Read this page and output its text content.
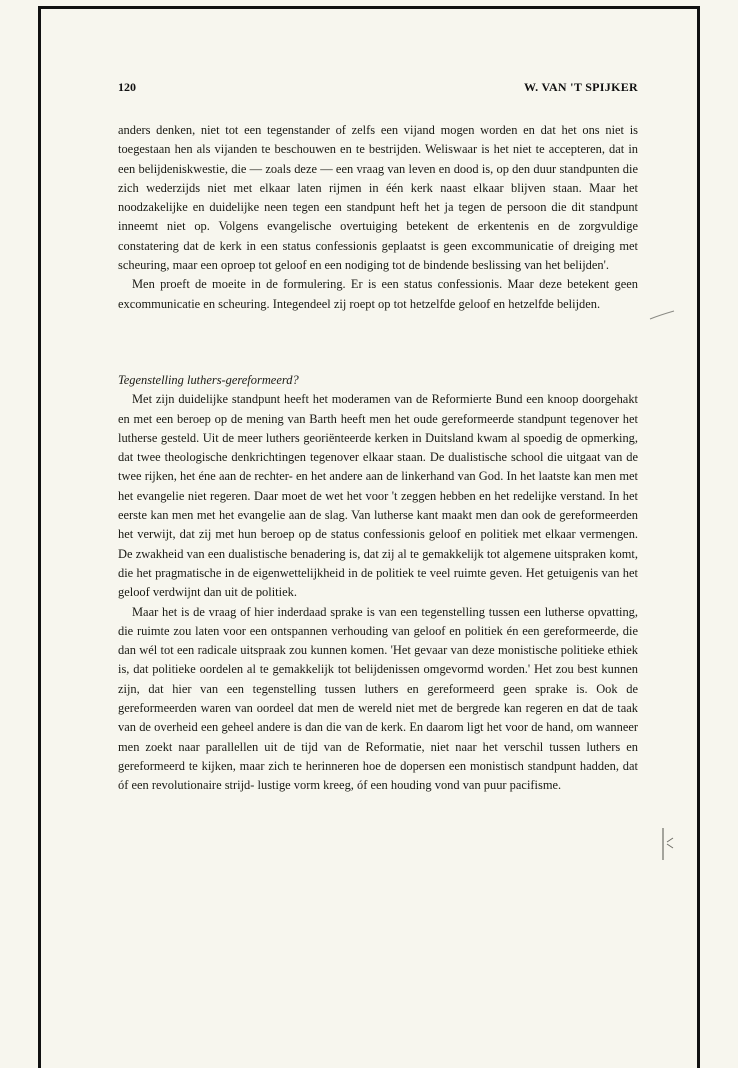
120	W. VAN 'T SPIJKER

anders denken, niet tot een tegenstander of zelfs een vijand mogen worden en dat het ons niet is toegestaan hen als vijanden te beschouwen en te bestrijden. Weliswaar is het niet te accepteren, dat in een belijdeniskwestie, die — zoals deze — een vraag van leven en dood is, op den duur standpunten die zich wederzijds niet met elkaar laten rijmen in één kerk naast elkaar blijven staan. Maar het noodzakelijke en duidelijke neen tegen een standpunt heft het ja tegen de persoon die dit standpunt inneemt niet op. Volgens evangelische overtuiging betekent de erkentenis en de zorgvuldige constatering dat de kerk in een status confessionis geplaatst is geen excommunicatie of dreiging met scheuring, maar een oproep tot geloof en een nodiging tot de bindende beslissing van het belijden'.

Men proeft de moeite in de formulering. Er is een status confessionis. Maar deze betekent geen excommunicatie en scheuring. Integendeel zij roept op tot hetzelfde geloof en hetzelfde belijden.

Tegenstelling luthers-gereformeerd?

Met zijn duidelijke standpunt heeft het moderamen van de Reformierte Bund een knoop doorgehakt en met een beroep op de mening van Barth heeft men het oude gereformeerde standpunt tegenover het lutherse gesteld. Uit de meer luthers georiënteerde kerken in Duitsland kwam al spoedig de opmerking, dat twee theologische denkrichtingen tegenover elkaar staan. De dualistische school die uitgaat van de twee rijken, het éne aan de rechter- en het andere aan de linkerhand van God. In het laatste kan men met het evangelie niet regeren. Daar moet de wet het voor 't zeggen hebben en het redelijke verstand. In het eerste kan men met het evangelie aan de slag. Van lutherse kant maakt men dan ook de gereformeerden het verwijt, dat zij met hun beroep op de status confessionis geloof en politiek met elkaar vermengen. De zwakheid van een dualistische benadering is, dat zij al te gemakkelijk tot algemene uitspraken komt, die het pragmatische in de eigenwettelijkheid in de politiek te veel ruimte geven. Het getuigenis van het geloof verdwijnt dan uit de politiek.

Maar het is de vraag of hier inderdaad sprake is van een tegenstelling tussen een lutherse opvatting, die ruimte zou laten voor een ontspannen verhouding van geloof en politiek én een gereformeerde, die dan wél tot een radicale uitspraak zou kunnen komen. 'Het gevaar van deze monistische politieke ethiek is, dat politieke oordelen al te gemakkelijk tot belijdenissen omgevormd worden.' Het zou best kunnen zijn, dat hier van een tegenstelling tussen luthers en gereformeerd geen sprake is. Ook de gereformeerden waren van oordeel dat men de wereld niet met de bergrede kan regeren en dat de taak van de overheid een geheel andere is dan die van de kerk. En daarom ligt het voor de hand, om wanneer men zoekt naar parallellen uit de tijd van de Reformatie, niet naar het verschil tussen luthers en gereformeerd te kijken, maar zich te herinneren hoe de dopersen een monistisch standpunt hadden, dat óf een revolutionaire strijd- lustige vorm kreeg, óf een houding vond van puur pacifisme.
